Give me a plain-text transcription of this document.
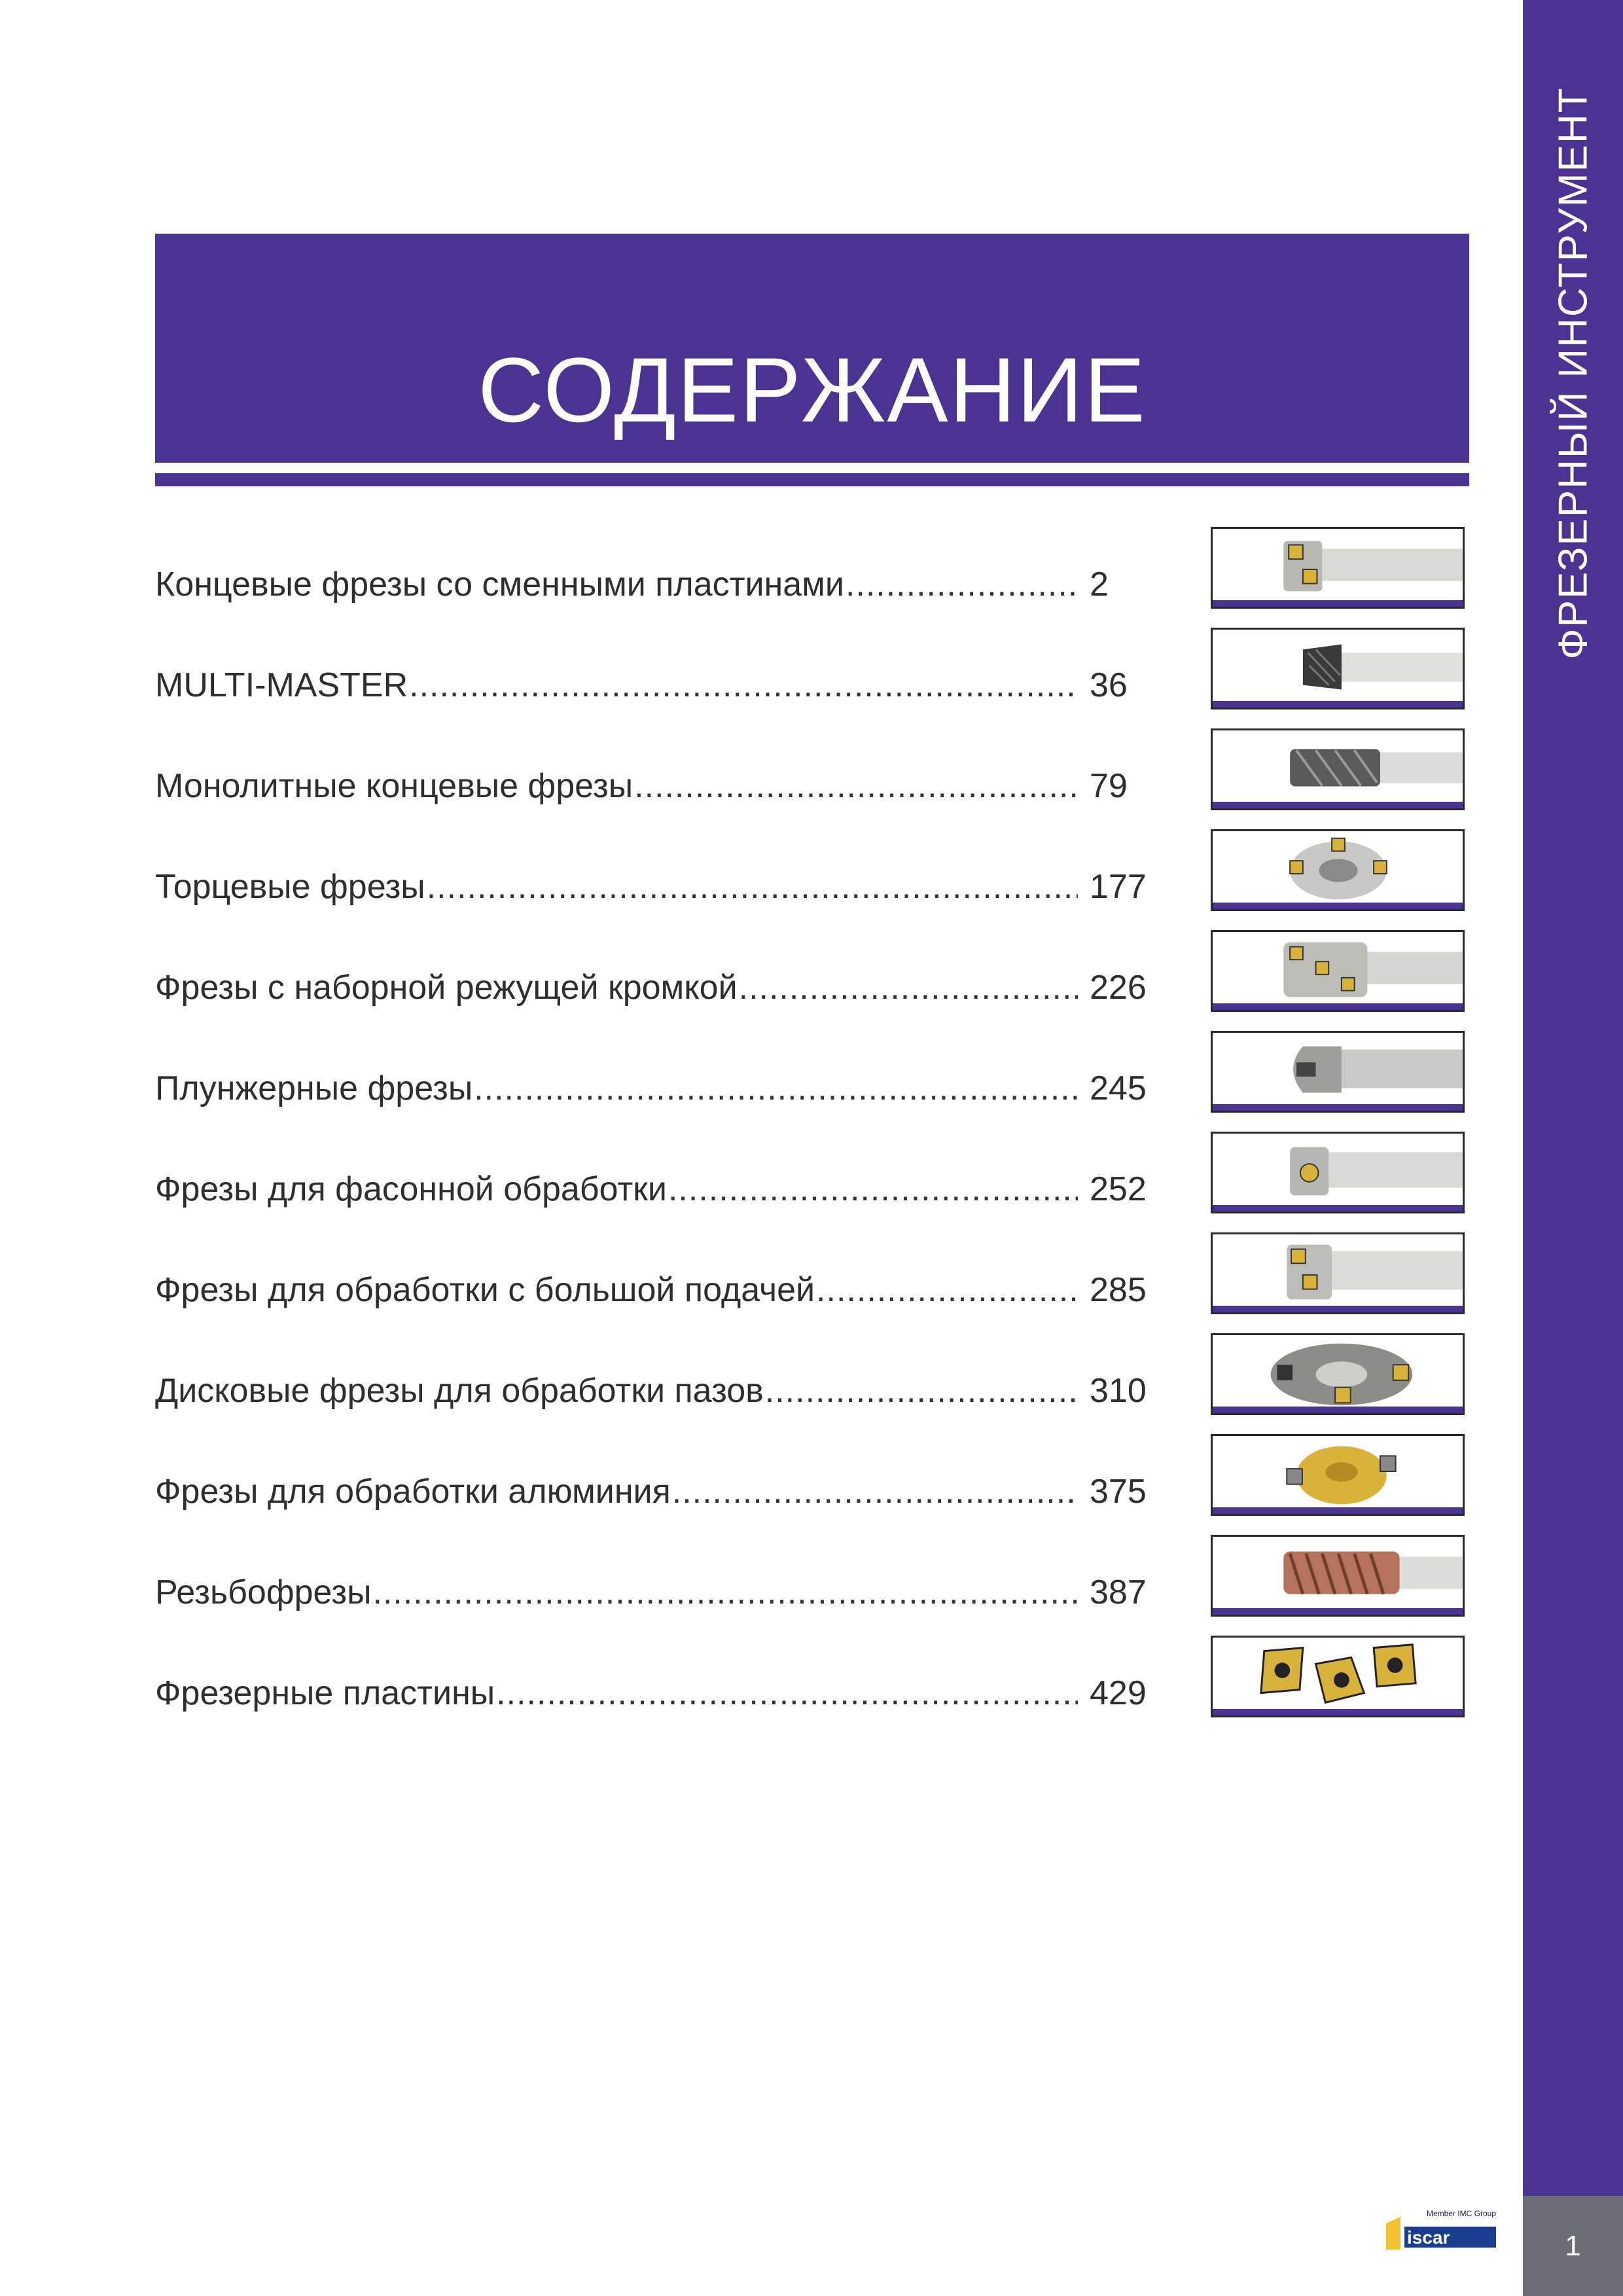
ФРЕЗЕРНЫЙ ИНСТРУМЕНТ
1
СОДЕРЖАНИЕ
Концевые фрезы со сменными пластинами .....	2
MULTI-MASTER .....	36
Монолитные концевые фрезы .....	79
Торцевые фрезы .....	177
Фрезы с наборной режущей кромкой .....	226
Плунжерные фрезы .....	245
Фрезы для фасонной обработки .....	252
Фрезы для обработки с большой подачей .....	285
Дисковые фрезы для обработки пазов .....	310
Фрезы для обработки алюминия .....	375
Резьбофрезы .....	387
Фрезерные пластины .....	429
iscar
Member IMC Group
